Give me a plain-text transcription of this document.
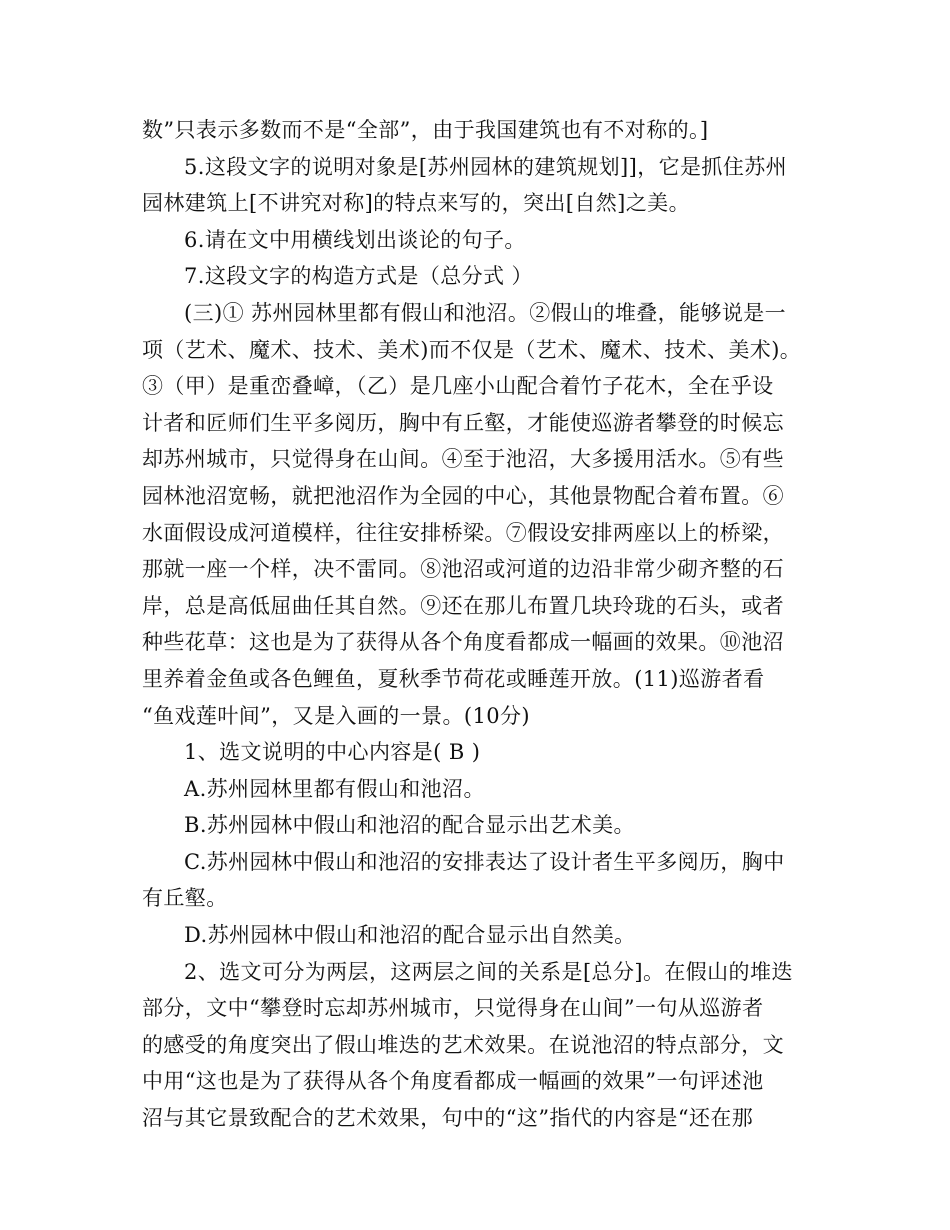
数”只表示多数而不是“全部”，由于我国建筑也有不对称的。]
5.这段文字的说明对象是[苏州园林的建筑规划]]，它是抓住苏州
园林建筑上[不讲究对称]的特点来写的，突出[自然]之美。
6.请在文中用横线划出谈论的句子。
7.这段文字的构造方式是（总分式 ）
(三)① 苏州园林里都有假山和池沼。②假山的堆叠，能够说是一
项（艺术、魔术、技术、美术)而不仅是（艺术、魔术、技术、美术)。
③（甲）是重峦叠嶂，（乙）是几座小山配合着竹子花木，全在乎设
计者和匠师们生平多阅历，胸中有丘壑，才能使巡游者攀登的时候忘
却苏州城市，只觉得身在山间。④至于池沼，大多援用活水。⑤有些
园林池沼宽畅，就把池沼作为全园的中心，其他景物配合着布置。⑥
水面假设成河道模样，往往安排桥梁。⑦假设安排两座以上的桥梁，
那就一座一个样，决不雷同。⑧池沼或河道的边沿非常少砌齐整的石
岸，总是高低屈曲任其自然。⑨还在那儿布置几块玲珑的石头，或者
种些花草：这也是为了获得从各个角度看都成一幅画的效果。⑩池沼
里养着金鱼或各色鲤鱼，夏秋季节荷花或睡莲开放。(11)巡游者看
“鱼戏莲叶间”，又是入画的一景。(10分)
1、选文说明的中心内容是( B )
A.苏州园林里都有假山和池沼。
B.苏州园林中假山和池沼的配合显示出艺术美。
C.苏州园林中假山和池沼的安排表达了设计者生平多阅历，胸中
有丘壑。
D.苏州园林中假山和池沼的配合显示出自然美。
2、选文可分为两层，这两层之间的关系是[总分]。在假山的堆迭
部分，文中“攀登时忘却苏州城市，只觉得身在山间”一句从巡游者
的感受的角度突出了假山堆迭的艺术效果。在说池沼的特点部分，文
中用“这也是为了获得从各个角度看都成一幅画的效果”一句评述池
沼与其它景致配合的艺术效果，句中的“这”指代的内容是“还在那
